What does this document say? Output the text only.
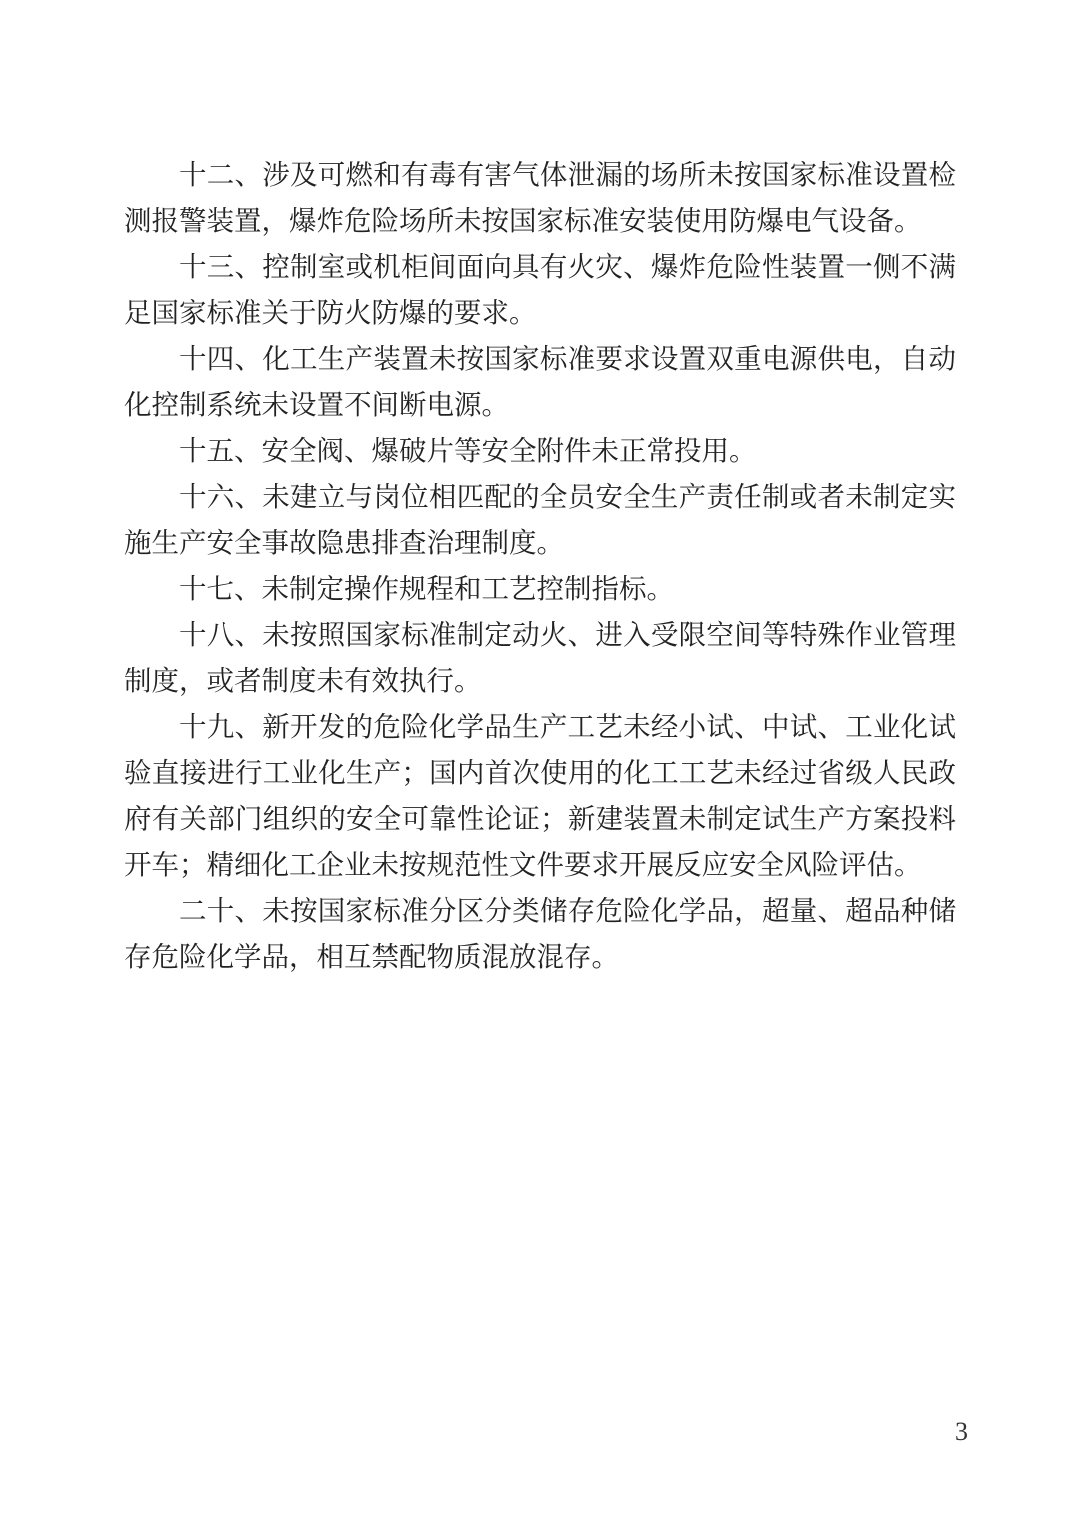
十二、涉及可燃和有毒有害气体泄漏的场所未按国家标准设置检测报警装置，爆炸危险场所未按国家标准安装使用防爆电气设备。

十三、控制室或机柜间面向具有火灾、爆炸危险性装置一侧不满足国家标准关于防火防爆的要求。

十四、化工生产装置未按国家标准要求设置双重电源供电，自动化控制系统未设置不间断电源。

十五、安全阀、爆破片等安全附件未正常投用。

十六、未建立与岗位相匹配的全员安全生产责任制或者未制定实施生产安全事故隐患排查治理制度。

十七、未制定操作规程和工艺控制指标。

十八、未按照国家标准制定动火、进入受限空间等特殊作业管理制度，或者制度未有效执行。

十九、新开发的危险化学品生产工艺未经小试、中试、工业化试验直接进行工业化生产；国内首次使用的化工工艺未经过省级人民政府有关部门组织的安全可靠性论证；新建装置未制定试生产方案投料开车；精细化工企业未按规范性文件要求开展反应安全风险评估。

二十、未按国家标准分区分类储存危险化学品，超量、超品种储存危险化学品，相互禁配物质混放混存。

3
